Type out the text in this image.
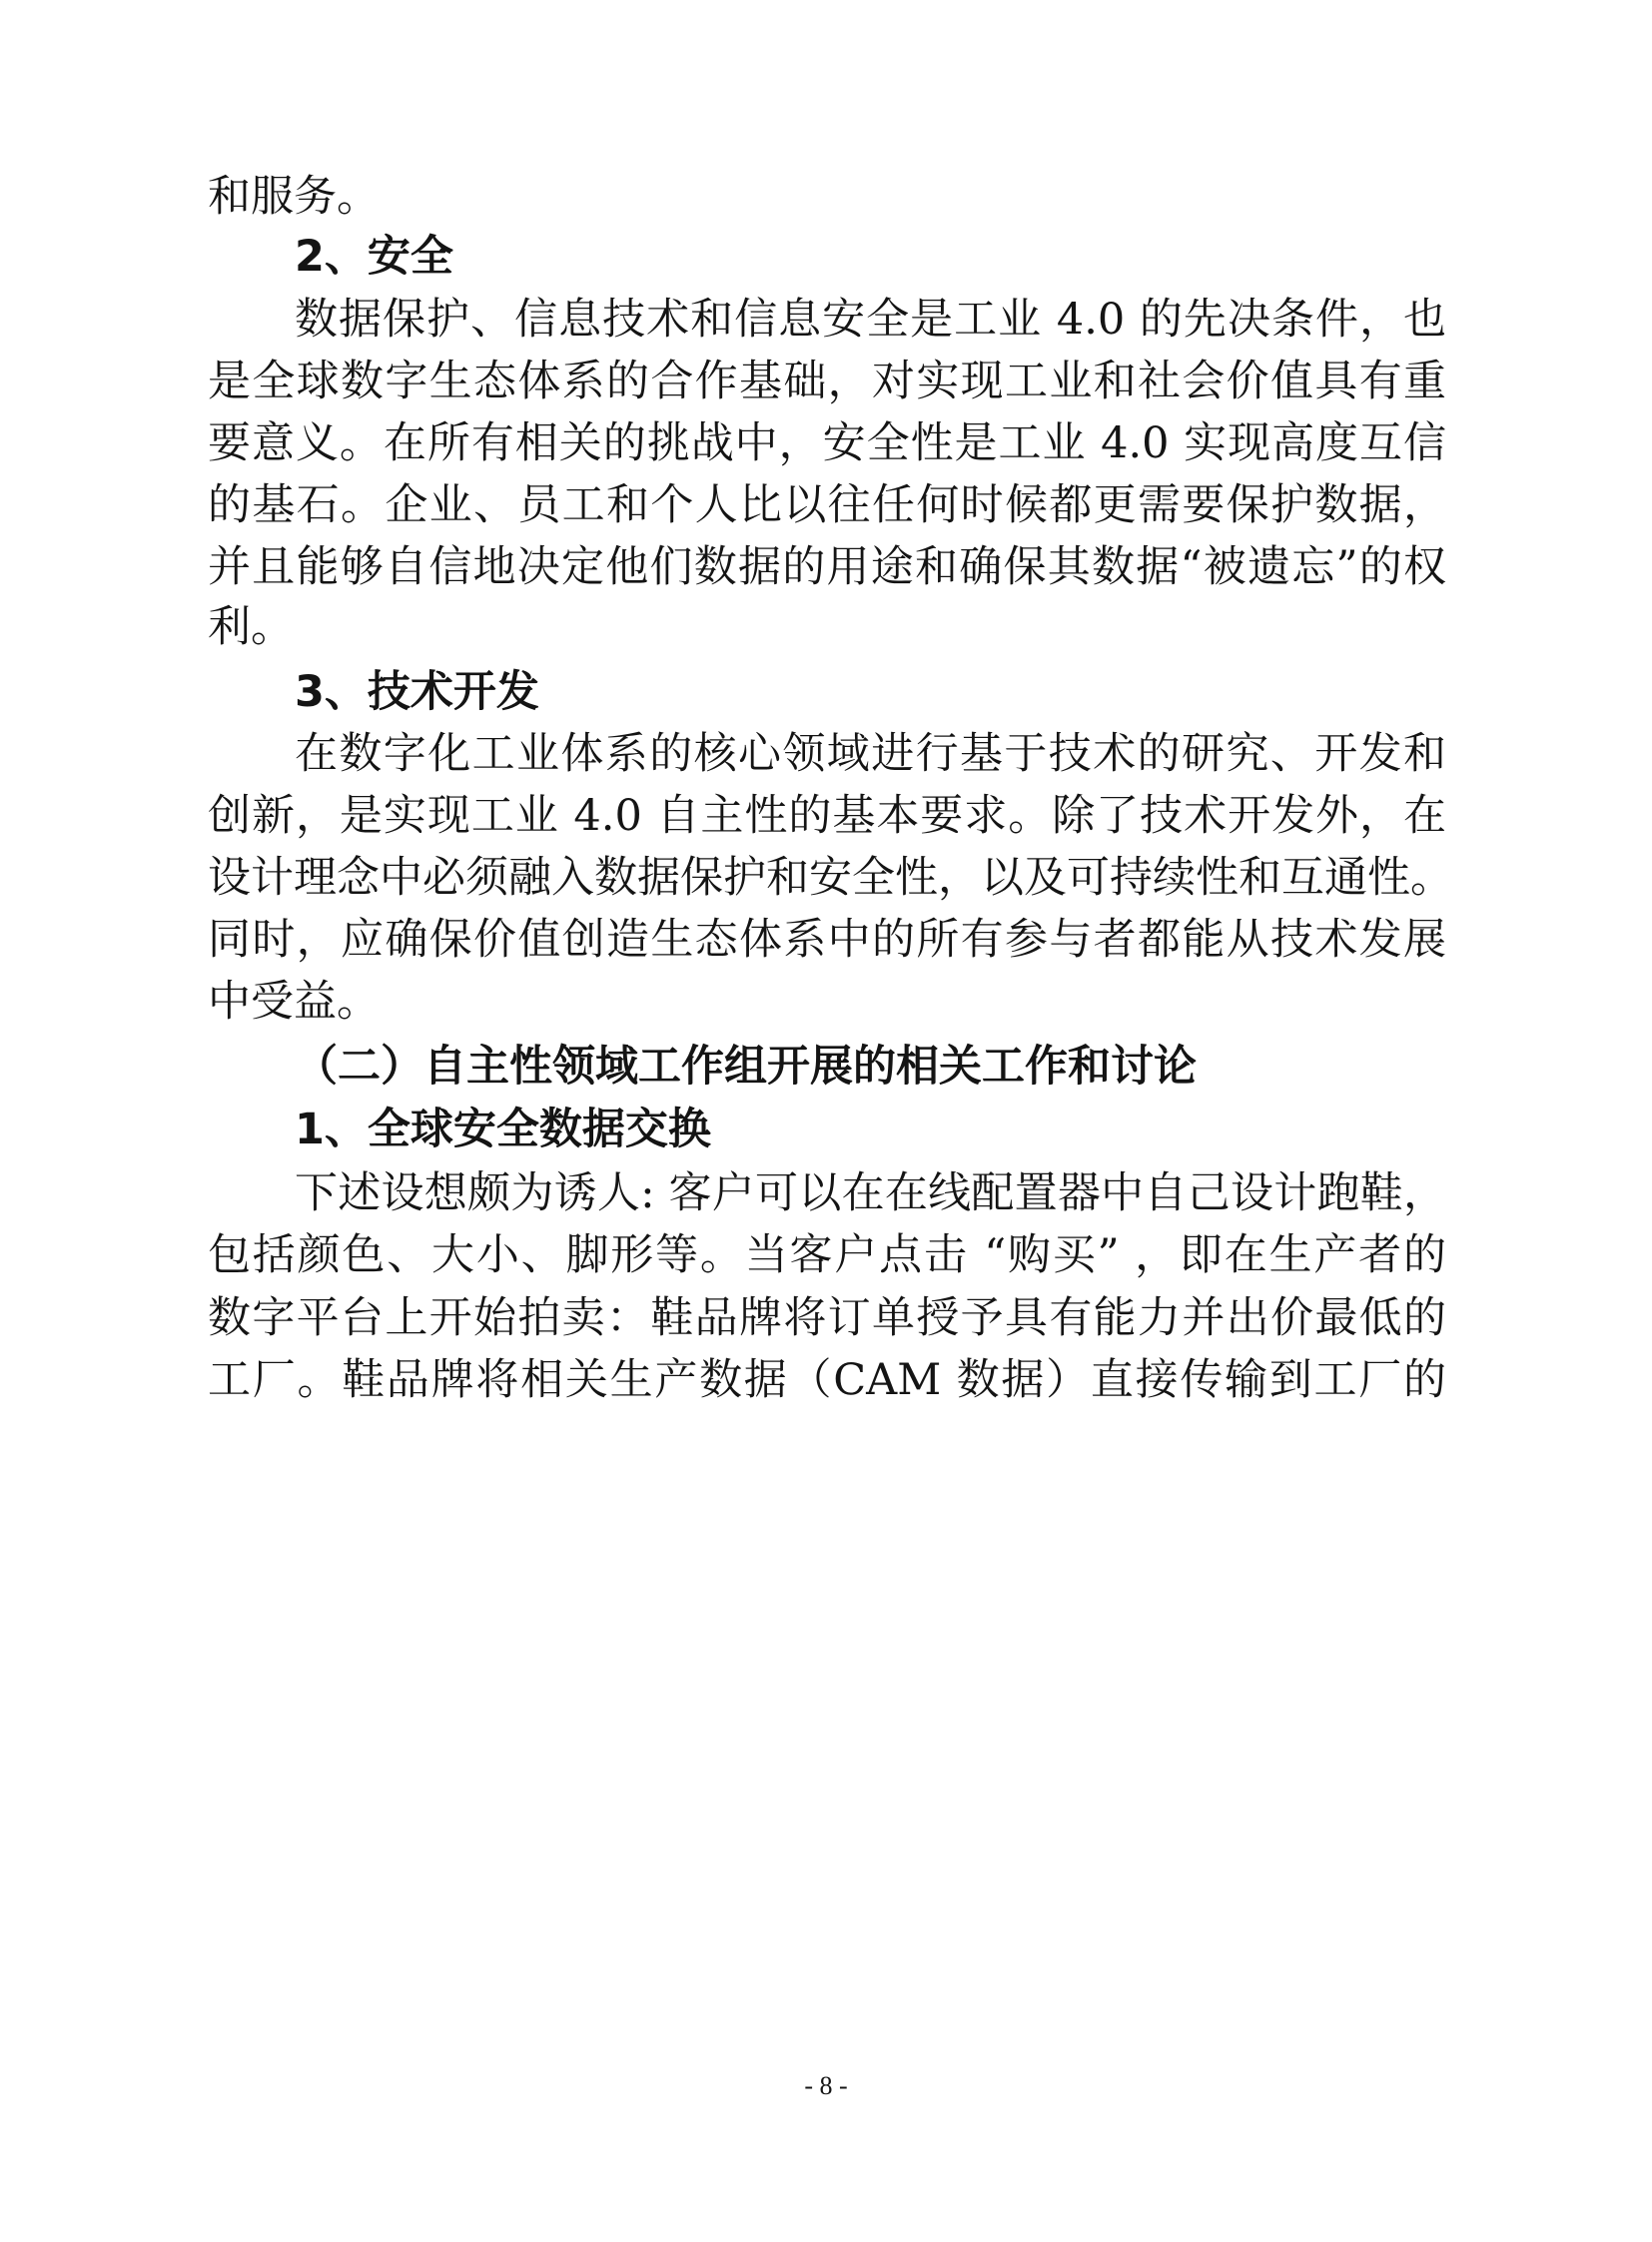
和服务。
2、安全
数据保护、信息技术和信息安全是工业 4.0 的先决条件，也
是全球数字生态体系的合作基础，对实现工业和社会价值具有重
要意义。在所有相关的挑战中，安全性是工业 4.0 实现高度互信
的基石。企业、员工和个人比以往任何时候都更需要保护数据，
并且能够自信地决定他们数据的用途和确保其数据“被遗忘”的权
利。
3、技术开发
在数字化工业体系的核心领域进行基于技术的研究、开发和
创新，是实现工业 4.0 自主性的基本要求。除了技术开发外，在
设计理念中必须融入数据保护和安全性，以及可持续性和互通性。
同时，应确保价值创造生态体系中的所有参与者都能从技术发展
中受益。
（二）自主性领域工作组开展的相关工作和讨论
1、全球安全数据交换
下述设想颇为诱人: 客户可以在在线配置器中自己设计跑鞋，
包括颜色、大小、脚形等。当客户点击 “购买” ，即在生产者的
数字平台上开始拍卖：鞋品牌将订单授予具有能力并出价最低的
工厂。鞋品牌将相关生产数据（CAM 数据）直接传输到工厂的
- 8 -
